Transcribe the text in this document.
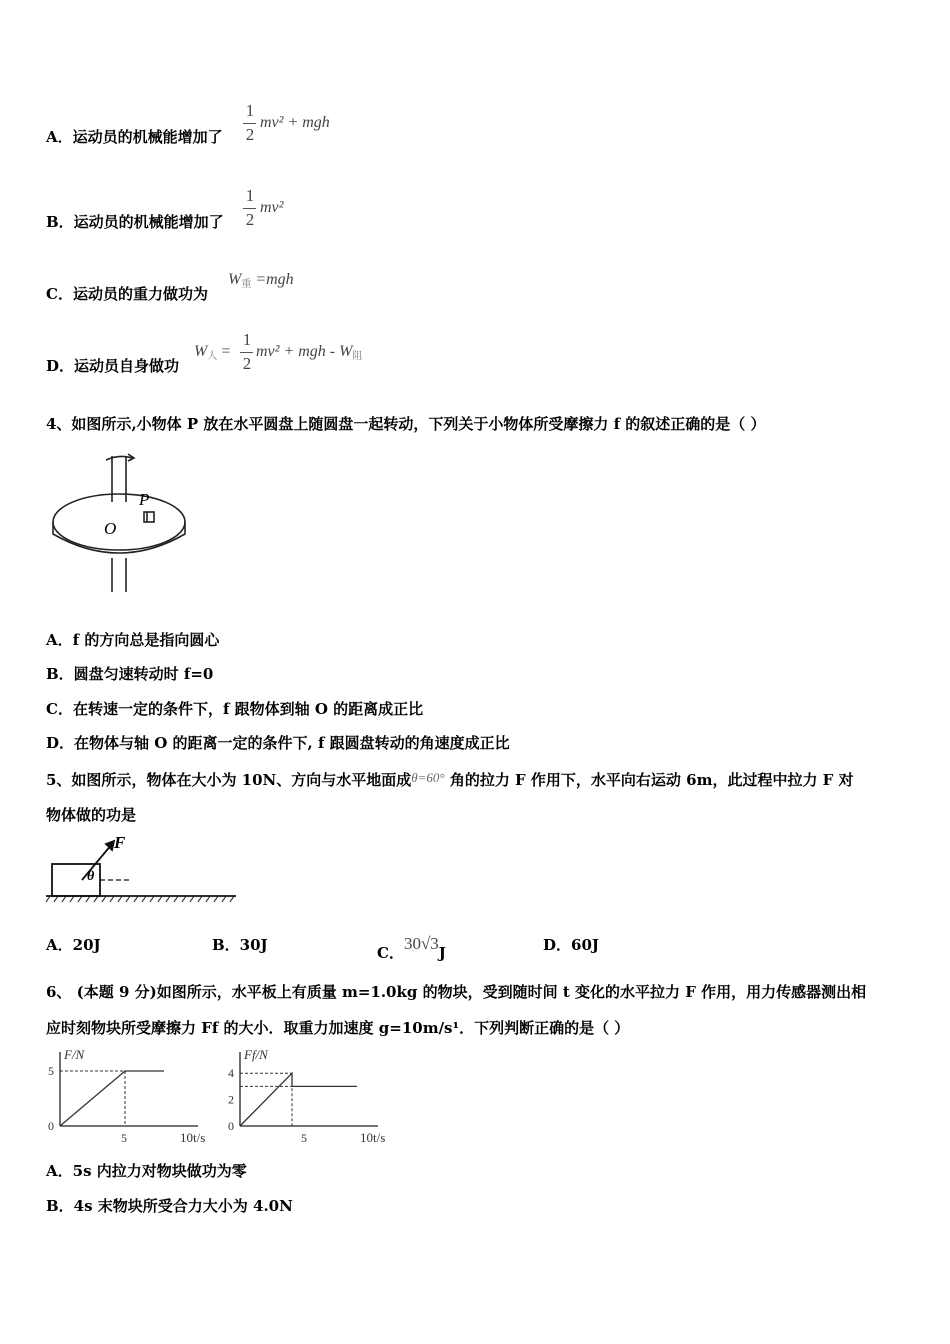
A．运动员的机械能增加了
1
2
mv² + mgh
B．运动员的机械能增加了
1
2
mv²
C．运动员的重力做功为
$W_重 =mgh$
D．运动员自身做功
$W_人$ =
1
2
mv² + mgh - $W_阻$
4、如图所示,小物体 P 放在水平圆盘上随圆盘一起转动，下列关于小物体所受摩擦力 f 的叙述正确的是（ ）
P
O
A．f 的方向总是指向圆心
B．圆盘匀速转动时 f=0
C．在转速一定的条件下，f 跟物体到轴 O 的距离成正比
D．在物体与轴 O 的距离一定的条件下, f 跟圆盘转动的角速度成正比
5、如图所示，物体在大小为 10N、方向与水平地面成θ=60° 角的拉力 F 作用下，水平向右运动 6m，此过程中拉力 F 对
物体做的功是
F
θ
A．20J	B．30J	C．30√3J	D．60J
6、 (本题 9 分)如图所示，水平板上有质量 m=1.0kg 的物块，受到随时间 t 变化的水平拉力 F 作用，用力传感器测出相
应时刻物块所受摩擦力 Ff 的大小．取重力加速度 g=10m/s¹．下列判断正确的是（ ）
F/N
10t/s
0
5
5
Ff/N
10t/s
0
5
2
4
A．5s 内拉力对物块做功为零
B．4s 末物块所受合力大小为 4.0N
